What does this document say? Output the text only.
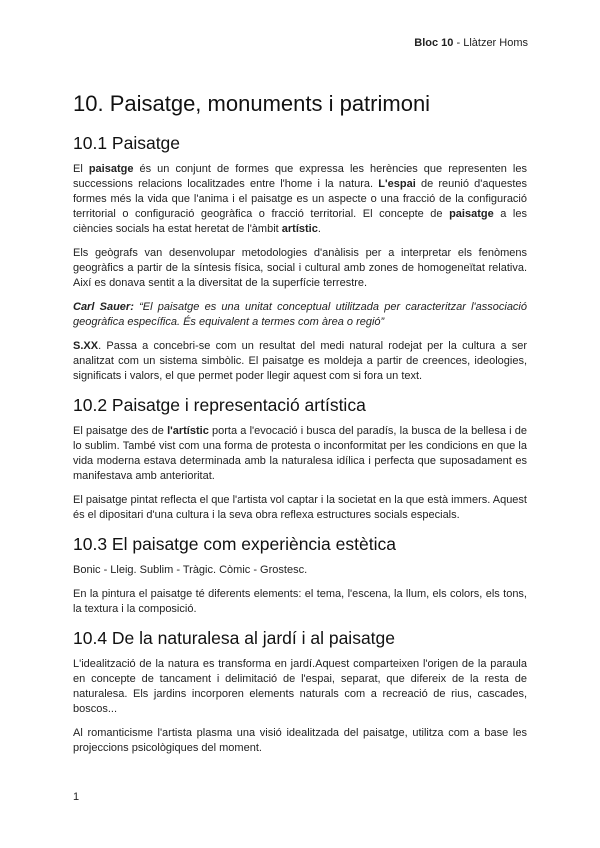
Bloc 10 - Llàtzer Homs
10. Paisatge, monuments i patrimoni
10.1 Paisatge

El paisatge és un conjunt de formes que expressa les herències que representen les successions relacions localitzades entre l'home i la natura. L'espai de reunió d'aquestes formes més la vida que l'anima i el paisatge es un aspecte o una fracció de la configuració territorial o configuració geogràfica o fracció territorial. El concepte de paisatge a les ciències socials ha estat heretat de l'àmbit artístic.

Els geògrafs van desenvolupar metodologies d'anàlisis per a interpretar els fenòmens geogràfics a partir de la síntesis física, social i cultural amb zones de homogeneïtat relativa. Així es donava sentit a la diversitat de la superfície terrestre.

Carl Sauer: “El paisatge es una unitat conceptual utilitzada per caracteritzar l'associació geogràfica específica. És equivalent a termes com àrea o regió”

S.XX. Passa a concebri-se com un resultat del medi natural rodejat per la cultura a ser analitzat com un sistema simbòlic. El paisatge es moldeja a partir de creences, ideologies, significats i valors, el que permet poder llegir aquest com si fora un text.

10.2 Paisatge i representació artística

El paisatge des de l'artístic porta a l'evocació i busca del paradís, la busca de la bellesa i de lo sublim. També vist com una forma de protesta o inconformitat per les condicions en que la vida moderna estava determinada amb la naturalesa idílica i perfecta que suposadament es manifestava amb anterioritat.

El paisatge pintat reflecta el que l'artista vol captar i la societat en la que està immers. Aquest és el dipositari d'una cultura i la seva obra reflexa estructures socials especials.

10.3 El paisatge com experiència estètica

Bonic - Lleig. Sublim - Tràgic. Còmic - Grostesc.

En la pintura el paisatge té diferents elements: el tema, l'escena, la llum, els colors, els tons, la textura i la composició.

10.4 De la naturalesa al jardí i al paisatge

L'idealització de la natura es transforma en jardí.Aquest comparteixen l'origen de la paraula en concepte de tancament i delimitació de l'espai, separat, que difereix de la resta de naturalesa. Els jardins incorporen elements naturals com a recreació de rius, cascades, boscos...

Al romanticisme l'artista plasma una visió idealitzada del paisatge, utilitza com a base les projeccions psicològiques del moment.

1
